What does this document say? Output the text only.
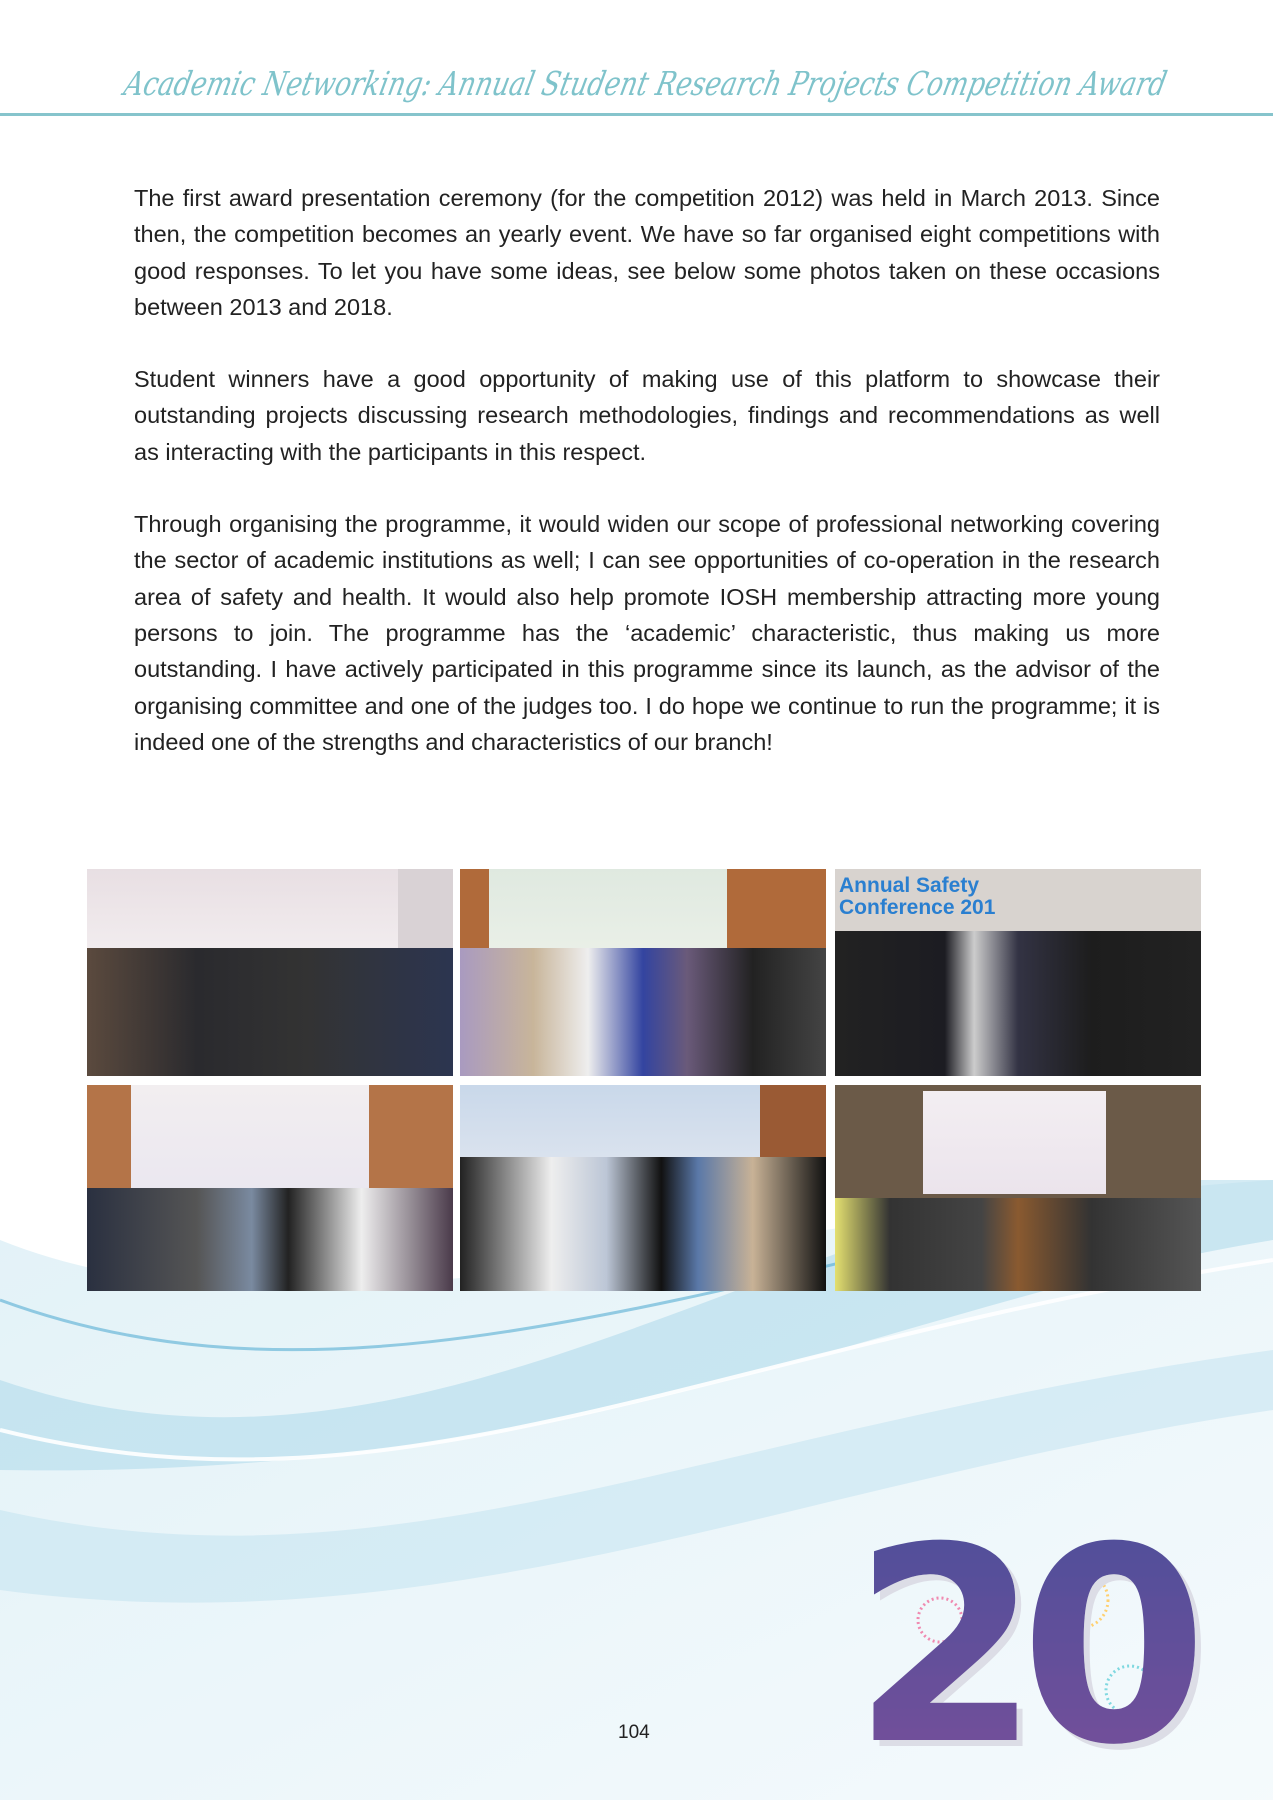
Academic Networking: Annual Student Research Projects Competition Award

The first award presentation ceremony (for the competition 2012) was held in March 2013. Since then, the competition becomes an yearly event. We have so far organised eight competitions with good responses. To let you have some ideas, see below some photos taken on these occasions between 2013 and 2018.

Student winners have a good opportunity of making use of this platform to showcase their outstanding projects discussing research methodologies, findings and recommendations as well as interacting with the participants in this respect.

Through organising the programme, it would widen our scope of professional networking covering the sector of academic institutions as well; I can see opportunities of co-operation in the research area of safety and health. It would also help promote IOSH membership attracting more young persons to join. The programme has the ‘academic’ characteristic, thus making us more outstanding. I have actively participated in this programme since its launch, as the advisor of the organising committee and one of the judges too. I do hope we continue to run the programme; it is indeed one of the strengths and characteristics of our branch!

Annual Safety Conference 201
20
104
